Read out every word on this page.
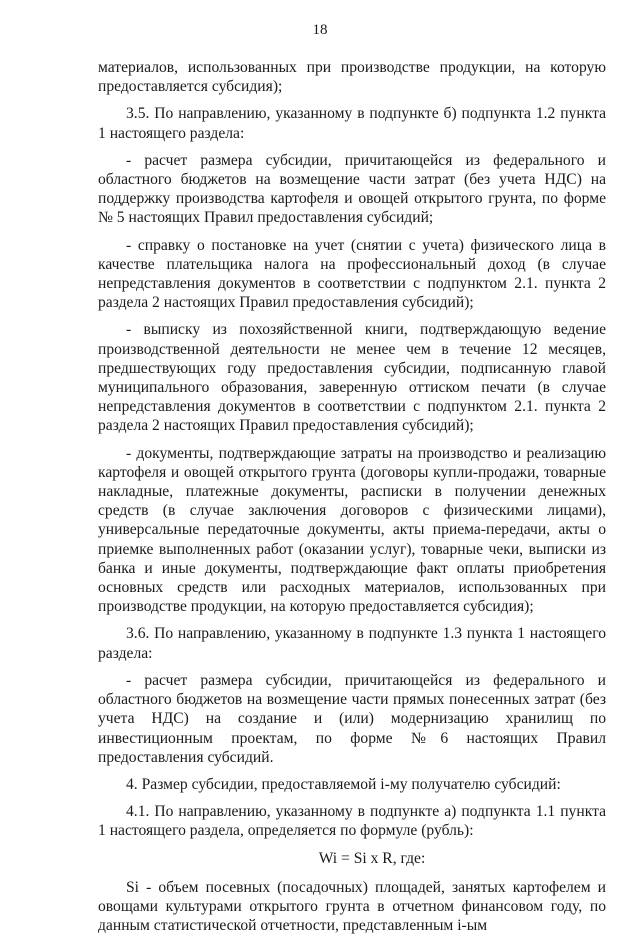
18

материалов, использованных при производстве продукции, на которую предоставляется субсидия);

3.5. По направлению, указанному в подпункте б) подпункта 1.2 пункта 1 настоящего раздела:

- расчет размера субсидии, причитающейся из федерального и областного бюджетов на возмещение части затрат (без учета НДС) на поддержку производства картофеля и овощей открытого грунта, по форме № 5 настоящих Правил предоставления субсидий;

- справку о постановке на учет (снятии с учета) физического лица в качестве плательщика налога на профессиональный доход (в случае непредставления документов в соответствии с подпунктом 2.1. пункта 2 раздела 2 настоящих Правил предоставления субсидий);

- выписку из похозяйственной книги, подтверждающую ведение производственной деятельности не менее чем в течение 12 месяцев, предшествующих году предоставления субсидии, подписанную главой муниципального образования, заверенную оттиском печати (в случае непредставления документов в соответствии с подпунктом 2.1. пункта 2 раздела 2 настоящих Правил предоставления субсидий);

- документы, подтверждающие затраты на производство и реализацию картофеля и овощей открытого грунта (договоры купли-продажи, товарные накладные, платежные документы, расписки в получении денежных средств (в случае заключения договоров с физическими лицами), универсальные передаточные документы, акты приема-передачи, акты о приемке выполненных работ (оказании услуг), товарные чеки, выписки из банка и иные документы, подтверждающие факт оплаты приобретения основных средств или расходных материалов, использованных при производстве продукции, на которую предоставляется субсидия);

3.6. По направлению, указанному в подпункте 1.3 пункта 1 настоящего раздела:

- расчет размера субсидии, причитающейся из федерального и областного бюджетов на возмещение части прямых понесенных затрат (без учета НДС) на создание и (или) модернизацию хранилищ по инвестиционным проектам, по форме №6 настоящих Правил предоставления субсидий.

4. Размер субсидии, предоставляемой i-му получателю субсидий:

4.1. По направлению, указанному в подпункте а) подпункта 1.1 пункта 1 настоящего раздела, определяется по формуле (рубль):

Wi = Si x R, где:

Si - объем посевных (посадочных) площадей, занятых картофелем и овощами культурами открытого грунта в отчетном финансовом году, по данным статистической отчетности, представленным i-ым
